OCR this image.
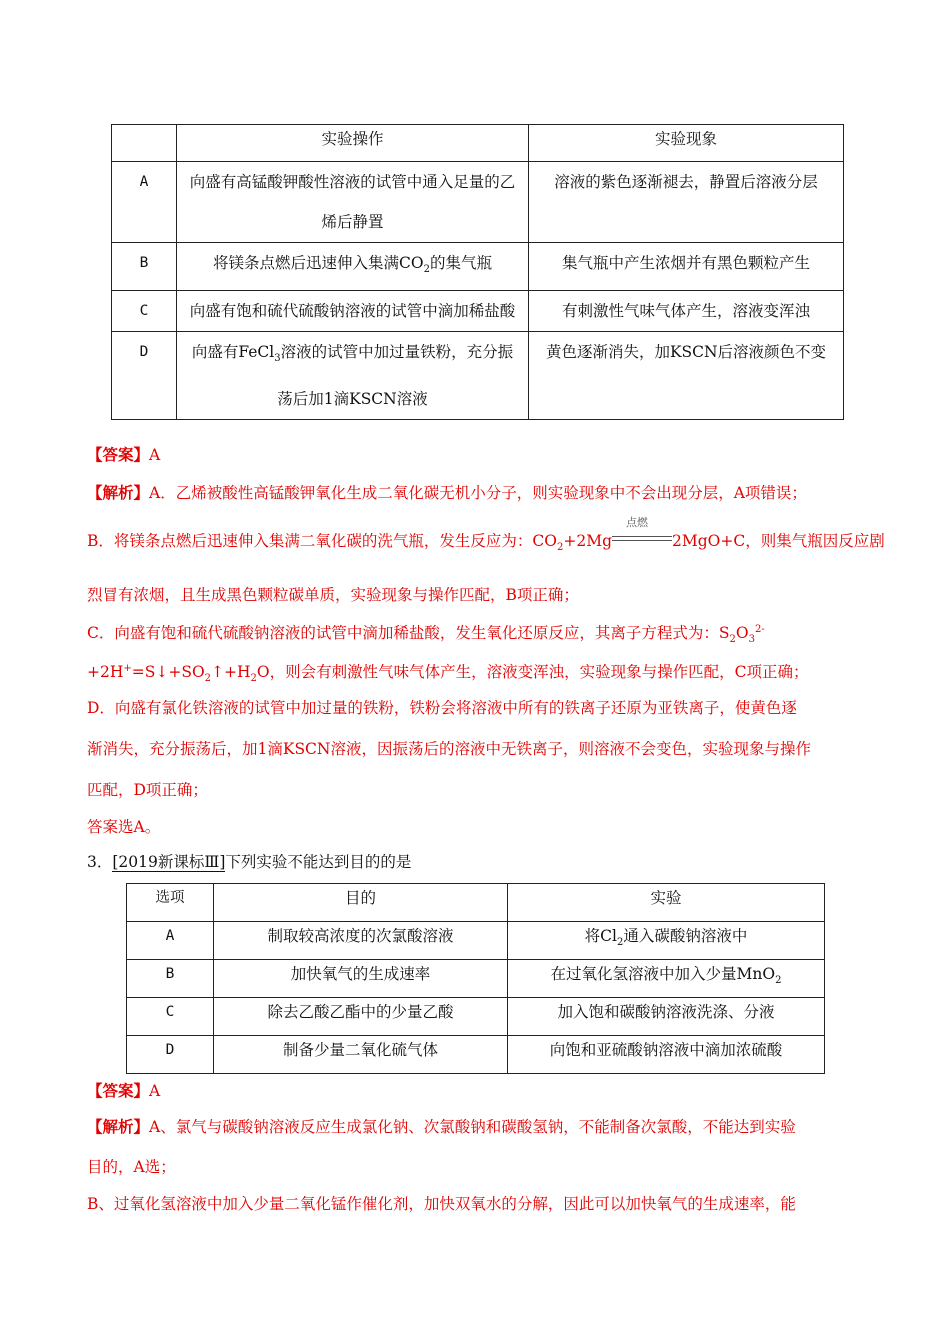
	实验操作	实验现象
A	向盛有高锰酸钾酸性溶液的试管中通入足量的乙烯后静置	溶液的紫色逐渐褪去，静置后溶液分层
B	将镁条点燃后迅速伸入集满$CO_2$的集气瓶	集气瓶中产生浓烟并有黑色颗粒产生
C	向盛有饱和硫代硫酸钠溶液的试管中滴加稀盐酸	有刺激性气味气体产生，溶液变浑浊
D	向盛有FeCl$_3$溶液的试管中加过量铁粉，充分振荡后加1滴KSCN溶液	黄色逐渐消失，加KSCN后溶液颜色不变
【答案】A
【解析】A．乙烯被酸性高锰酸钾氧化生成二氧化碳无机小分子，则实验现象中不会出现分层，A项错误；
B．将镁条点燃后迅速伸入集满二氧化碳的洗气瓶，发生反应为：$CO_2+2Mg$
点燃
2MgO+C，则集气瓶因反应剧
烈冒有浓烟，且生成黑色颗粒碳单质，实验现象与操作匹配，B项正确；
C．向盛有饱和硫代硫酸钠溶液的试管中滴加稀盐酸，发生氧化还原反应，其离子方程式为：$S_2O_3^{2-}$
$+2H^+=S↓+SO_2↑+H_2O$，则会有刺激性气味气体产生，溶液变浑浊，实验现象与操作匹配，C项正确；
D．向盛有氯化铁溶液的试管中加过量的铁粉，铁粉会将溶液中所有的铁离子还原为亚铁离子，使黄色逐
渐消失，充分振荡后，加1滴KSCN溶液，因振荡后的溶液中无铁离子，则溶液不会变色，实验现象与操作
匹配，D项正确；
答案选A。
3．[2019新课标Ⅲ]下列实验不能达到目的的是
选项	目的	实验
A	制取较高浓度的次氯酸溶液	将$Cl_2$通入碳酸钠溶液中
B	加快氧气的生成速率	在过氧化氢溶液中加入少量MnO$_2$
C	除去乙酸乙酯中的少量乙酸	加入饱和碳酸钠溶液洗涤、分液
D	制备少量二氧化硫气体	向饱和亚硫酸钠溶液中滴加浓硫酸
【答案】A
【解析】A、氯气与碳酸钠溶液反应生成氯化钠、次氯酸钠和碳酸氢钠，不能制备次氯酸，不能达到实验
目的，A选；
B、过氧化氢溶液中加入少量二氧化锰作催化剂，加快双氧水的分解，因此可以加快氧气的生成速率，能
